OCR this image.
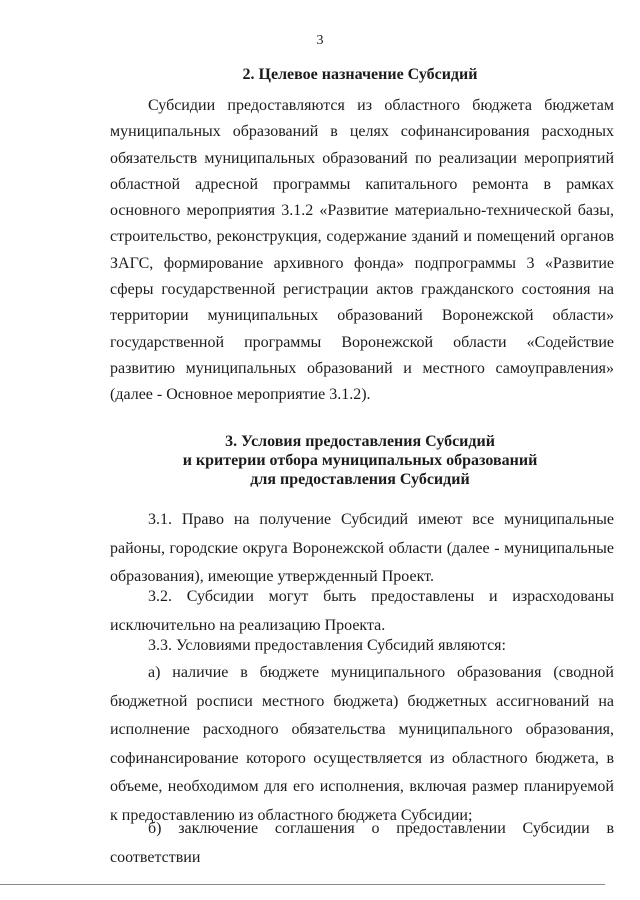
3
2. Целевое назначение Субсидий

Субсидии предоставляются из областного бюджета бюджетам муниципальных образований в целях софинансирования расходных обязательств муниципальных образований по реализации мероприятий областной адресной программы капитального ремонта в рамках основного мероприятия 3.1.2 «Развитие материально-технической базы, строительство, реконструкция, содержание зданий и помещений органов ЗАГС, формирование архивного фонда» подпрограммы 3 «Развитие сферы государственной регистрации актов гражданского состояния на территории муниципальных образований Воронежской области» государственной программы Воронежской области «Содействие развитию муниципальных образований и местного самоуправления» (далее - Основное мероприятие 3.1.2).

3. Условия предоставления Субсидий
и критерии отбора муниципальных образований
для предоставления Субсидий

3.1. Право на получение Субсидий имеют все муниципальные районы, городские округа Воронежской области (далее - муниципальные образования), имеющие утвержденный Проект.

3.2. Субсидии могут быть предоставлены и израсходованы исключительно на реализацию Проекта.

3.3. Условиями предоставления Субсидий являются:

а) наличие в бюджете муниципального образования (сводной бюджетной росписи местного бюджета) бюджетных ассигнований на исполнение расходного обязательства муниципального образования, софинансирование которого осуществляется из областного бюджета, в объеме, необходимом для его исполнения, включая размер планируемой к предоставлению из областного бюджета Субсидии;

б) заключение соглашения о предоставлении Субсидии в соответствии
